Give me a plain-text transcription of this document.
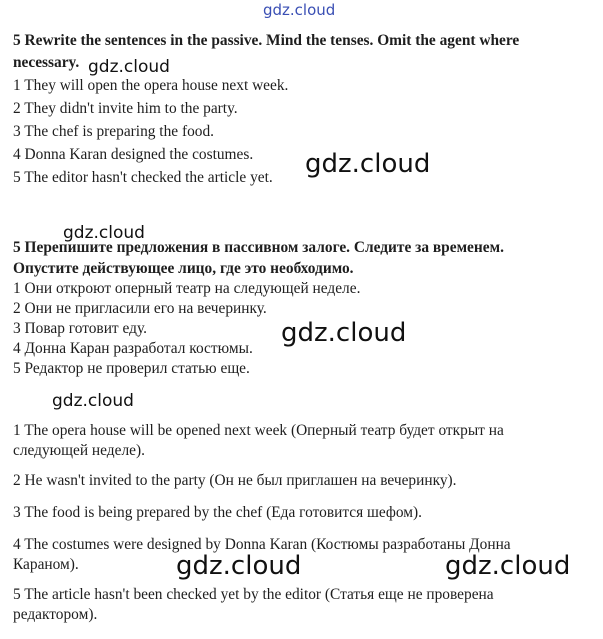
gdz.cloud
5 Rewrite the sentences in the passive. Mind the tenses. Omit the agent where
necessary.
1 They will open the opera house next week.
2 They didn't invite him to the party.
3 The chef is preparing the food.
4 Donna Karan designed the costumes.
5 The editor hasn't checked the article yet.
5 Перепишите предложения в пассивном залоге. Следите за временем.
Опустите действующее лицо, где это необходимо.
1 Они откроют оперный театр на следующей неделе.
2 Они не пригласили его на вечеринку.
3 Повар готовит еду.
4 Донна Каран разработал костюмы.
5 Редактор не проверил статью еще.
1 The opera house will be opened next week (Оперный театр будет открыт на
следующей неделе).
2 He wasn't invited to the party (Он не был приглашен на вечеринку).
3 The food is being prepared by the chef (Еда готовится шефом).
4 The costumes were designed by Donna Karan (Костюмы разработаны Донна
Караном).
5 The article hasn't been checked yet by the editor (Статья еще не проверена
редактором).
gdz.cloud
gdz.cloud
gdz.cloud
gdz.cloud
gdz.cloud
gdz.cloud	gdz.cloud
